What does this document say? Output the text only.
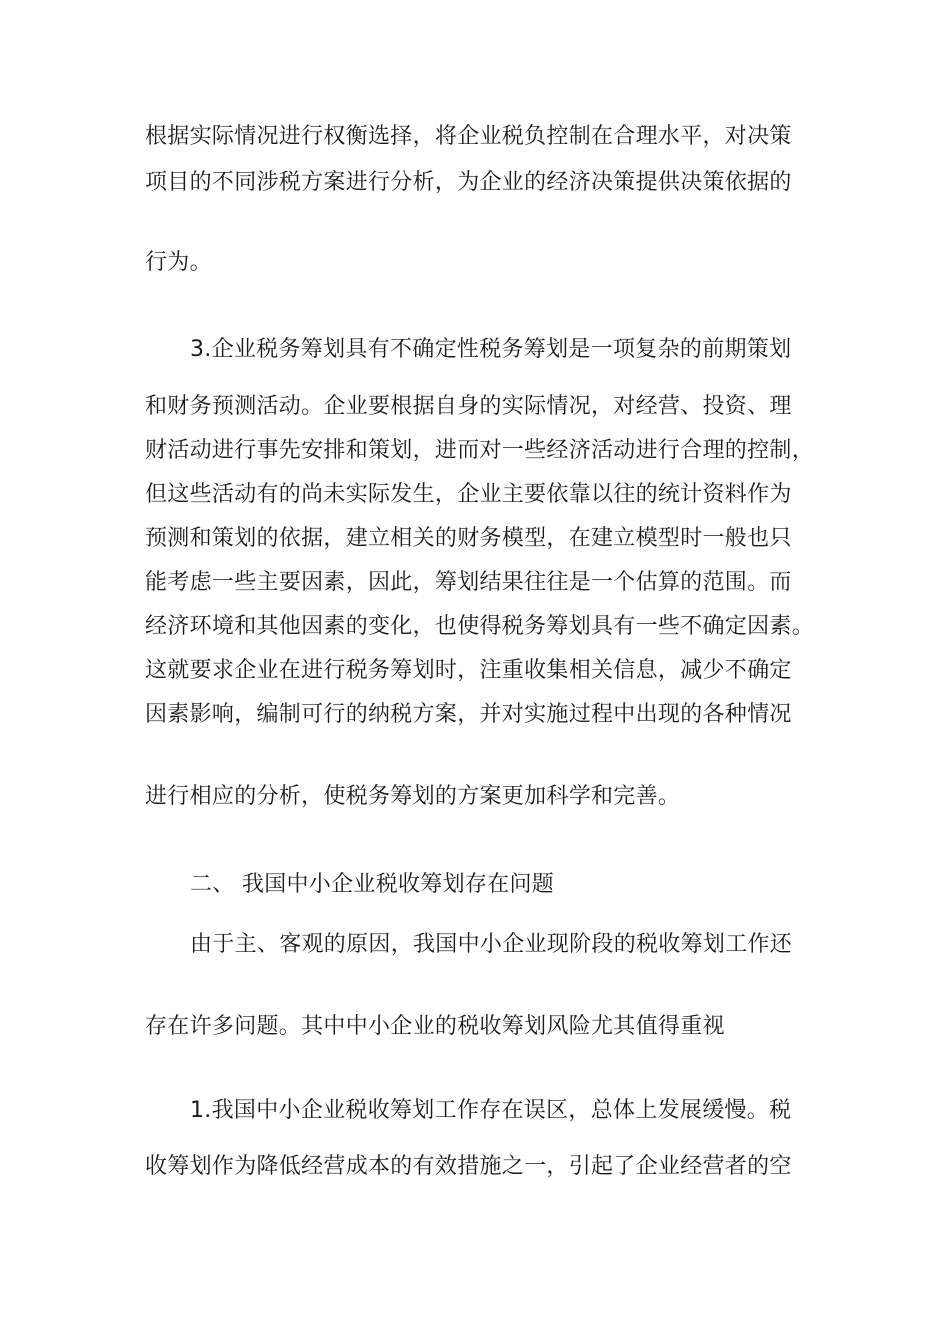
根据实际情况进行权衡选择，将企业税负控制在合理水平，对决策
项目的不同涉税方案进行分析，为企业的经济决策提供决策依据的
行为。
3.企业税务筹划具有不确定性税务筹划是一项复杂的前期策划
和财务预测活动。企业要根据自身的实际情况，对经营、投资、理
财活动进行事先安排和策划，进而对一些经济活动进行合理的控制，
但这些活动有的尚未实际发生，企业主要依靠以往的统计资料作为
预测和策划的依据，建立相关的财务模型，在建立模型时一般也只
能考虑一些主要因素，因此，筹划结果往往是一个估算的范围。而
经济环境和其他因素的变化，也使得税务筹划具有一些不确定因素。
这就要求企业在进行税务筹划时，注重收集相关信息，减少不确定
因素影响，编制可行的纳税方案，并对实施过程中出现的各种情况
进行相应的分析，使税务筹划的方案更加科学和完善。
二、 我国中小企业税收筹划存在问题
由于主、客观的原因，我国中小企业现阶段的税收筹划工作还
存在许多问题。其中中小企业的税收筹划风险尤其值得重视
1.我国中小企业税收筹划工作存在误区，总体上发展缓慢。税
收筹划作为降低经营成本的有效措施之一，引起了企业经营者的空
